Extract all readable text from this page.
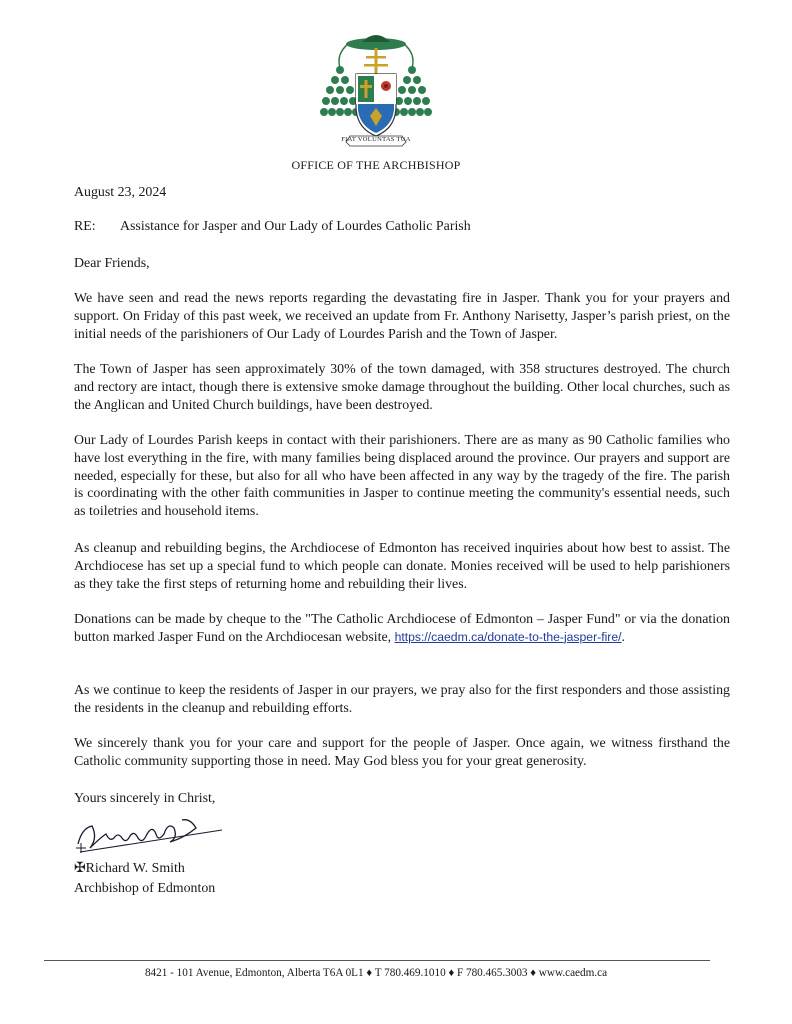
FIAT VOLUNTAS TUA
OFFICE OF THE ARCHBISHOP

August 23, 2024

RE:	Assistance for Jasper and Our Lady of Lourdes Catholic Parish

Dear Friends,

We have seen and read the news reports regarding the devastating fire in Jasper. Thank you for your prayers and support. On Friday of this past week, we received an update from Fr. Anthony Narisetty, Jasper’s parish priest, on the initial needs of the parishioners of Our Lady of Lourdes Parish and the Town of Jasper.

The Town of Jasper has seen approximately 30% of the town damaged, with 358 structures destroyed. The church and rectory are intact, though there is extensive smoke damage throughout the building. Other local churches, such as the Anglican and United Church buildings, have been destroyed.

Our Lady of Lourdes Parish keeps in contact with their parishioners. There are as many as 90 Catholic families who have lost everything in the fire, with many families being displaced around the province. Our prayers and support are needed, especially for these, but also for all who have been affected in any way by the tragedy of the fire. The parish is coordinating with the other faith communities in Jasper to continue meeting the community's essential needs, such as toiletries and household items.

As cleanup and rebuilding begins, the Archdiocese of Edmonton has received inquiries about how best to assist. The Archdiocese has set up a special fund to which people can donate. Monies received will be used to help parishioners as they take the first steps of returning home and rebuilding their lives.

Donations can be made by cheque to the "The Catholic Archdiocese of Edmonton – Jasper Fund" or via the donation button marked Jasper Fund on the Archdiocesan website, https://caedm.ca/donate-to-the-jasper-fire/.

As we continue to keep the residents of Jasper in our prayers, we pray also for the first responders and those assisting the residents in the cleanup and rebuilding efforts.

We sincerely thank you for your care and support for the people of Jasper. Once again, we witness firsthand the Catholic community supporting those in need. May God bless you for your great generosity.

Yours sincerely in Christ,

✠Richard W. Smith
Archbishop of Edmonton
8421 - 101 Avenue, Edmonton, Alberta T6A 0L1 ♦ T 780.469.1010 ♦ F 780.465.3003 ♦ www.caedm.ca
